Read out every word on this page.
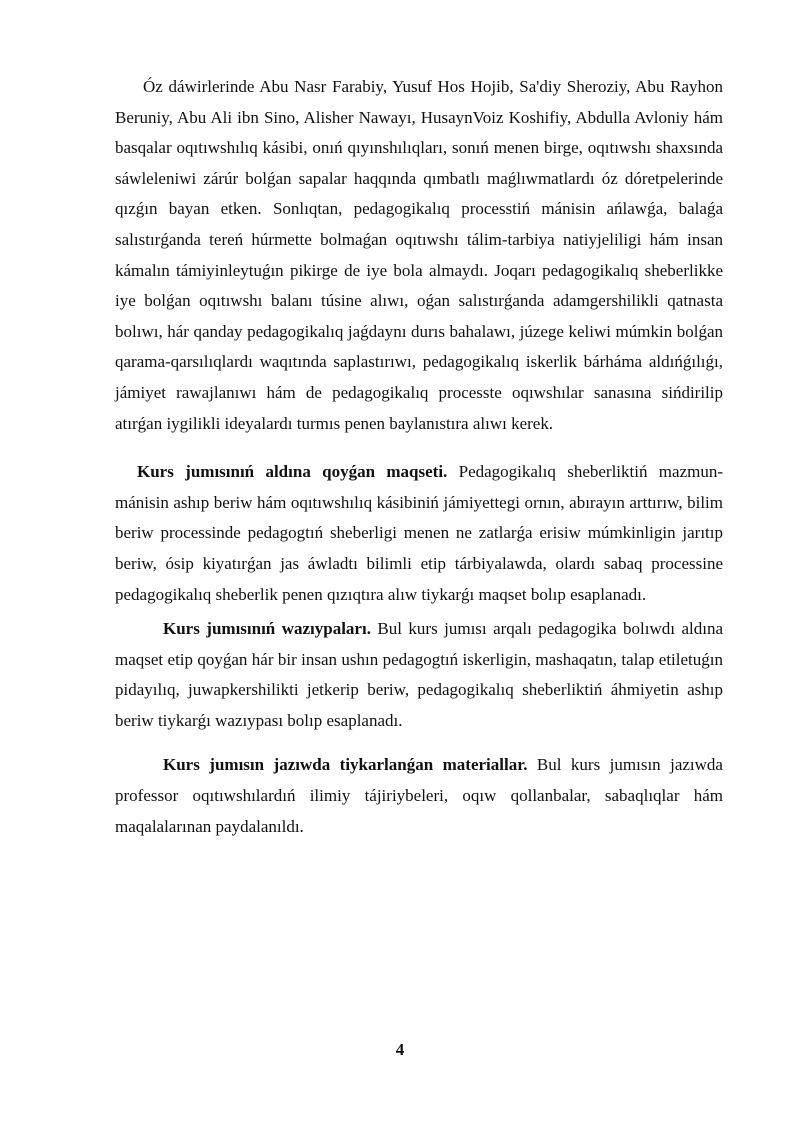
Óz dáwirlerinde Abu Nasr Farabiy, Yusuf Hos Hojib, Sa'diy Sheroziy, Abu Rayhon Beruniy, Abu Ali ibn Sino, Alisher Nawayı, HusaynVoiz Koshifiy, Abdulla Avloniy hám basqalar oqıtıwshılıq kásibi, onıń qıyınshılıqları, sonıń menen birge, oqıtıwshı shaxsında sáwleleniwi zárúr bolǵan sapalar haqqında qımbatlı maǵlıwmatlardı óz dóretpelerinde qızǵın bayan etken. Sonlıqtan, pedagogikalıq processtiń mánisin ańlawǵa, balaǵa salıstırǵanda tereń húrmette bolmaǵan oqıtıwshı tálim-tarbiya natiyjeliligi hám insan kámalın támiyinleytuǵın pikirge de iye bola almaydı. Joqarı pedagogikalıq sheberlikke iye bolǵan oqıtıwshı balanı túsine alıwı, oǵan salıstırǵanda adamgershilikli qatnasta bolıwı, hár qanday pedagogikalıq jaǵdaynı durıs bahalawı, júzege keliwi múmkin bolǵan qarama-qarsılıqlardı waqıtında saplastırıwı, pedagogikalıq iskerlik bárháma aldıńǵılıǵı, jámiyet rawajlanıwı hám de pedagogikalıq processte oqıwshılar sanasına sińdirilip atırǵan iygilikli ideyalardı turmıs penen baylanıstıra alıwı kerek.

Kurs jumısınıń aldına qoyǵan maqseti. Pedagogikalıq sheberliktiń mazmun-mánisin ashıp beriw hám oqıtıwshılıq kásibiniń jámiyettegi ornın, abırayın arttırıw, bilim beriw processinde pedagogtıń sheberligi menen ne zatlarǵa erisiw múmkinligin jarıtıp beriw, ósip kiyatırǵan jas áwladtı bilimli etip tárbiyalawda, olardı sabaq processine pedagogikalıq sheberlik penen qızıqtıra alıw tiykarǵı maqset bolıp esaplanadı.

Kurs jumısınıń wazıypaları. Bul kurs jumısı arqalı pedagogika bolıwdı aldına maqset etip qoyǵan hár bir insan ushın pedagogtıń iskerligin, mashaqatın, talap etiletuǵın pidayılıq, juwapkershilikti jetkerip beriw, pedagogikalıq sheberliktiń áhmiyetin ashıp beriw tiykarǵı wazıypası bolıp esaplanadı.

Kurs jumısın jazıwda tiykarlanǵan materiallar. Bul kurs jumısın jazıwda professor oqıtıwshılardıń ilimiy tájiriybeleri, oqıw qollanbalar, sabaqlıqlar hám maqalalarınan paydalanıldı.

4
